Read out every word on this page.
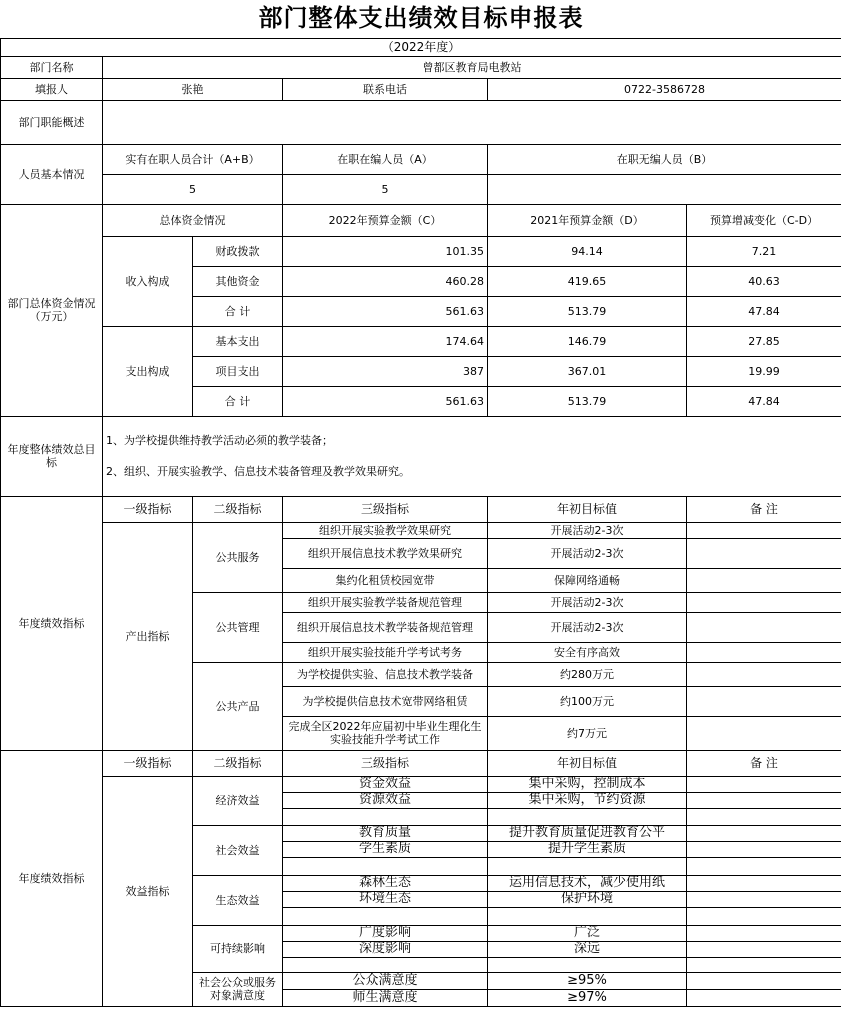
部门整体支出绩效目标申报表					
（2022年度）					
部门名称	曾都区教育局电教站				
填报人	张艳		联系电话	0722-3586728	
部门职能概述					
人员基本情况	实有在职人员合计（A+B）		在职在编人员（A）	在职无编人员（B）	
	5		5		
部门总体资金情况（万元）	总体资金情况		2022年预算金额（C）	2021年预算金额（D）	预算增减变化（C-D）
	收入构成	财政拨款	101.35	94.14	7.21
		其他资金	460.28	419.65	40.63
		合 计	561.63	513.79	47.84
	支出构成	基本支出	174.64	146.79	27.85
		项目支出	387	367.01	19.99
		合 计	561.63	513.79	47.84
年度整体绩效总目标	1、为学校提供维持教学活动必须的教学装备；
2、组织、开展实验教学、信息技术装备管理及教学效果研究。				

年度绩效指标	一级指标	二级指标	三级指标	年初目标值	备 注
	产出指标	公共服务	组织开展实验教学效果研究	开展活动2-3次	
			组织开展信息技术教学效果研究	开展活动2-3次	
			集约化租赁校园宽带	保障网络通畅	
		公共管理	组织开展实验教学装备规范管理	开展活动2-3次	
			组织开展信息技术教学装备规范管理	开展活动2-3次	
			组织开展实验技能升学考试考务	安全有序高效	
		公共产品	为学校提供实验、信息技术教学装备	约280万元	
			为学校提供信息技术宽带网络租赁	约100万元	
			完成全区2022年应届初中毕业生理化生实验技能升学考试工作	约7万元	
年度绩效指标	一级指标	二级指标	三级指标	年初目标值	备 注
	效益指标	经济效益	资金效益	集中采购，控制成本	
			资源效益	集中采购，节约资源	

		社会效益	教育质量	提升教育质量促进教育公平	
			学生素质	提升学生素质	

		生态效益	森林生态	运用信息技术，减少使用纸	
			环境生态	保护环境	

		可持续影响	广度影响	广泛	
			深度影响	深远	

		社会公众或服务对象满意度	公众满意度	≥95%	
			师生满意度	≥97%	
